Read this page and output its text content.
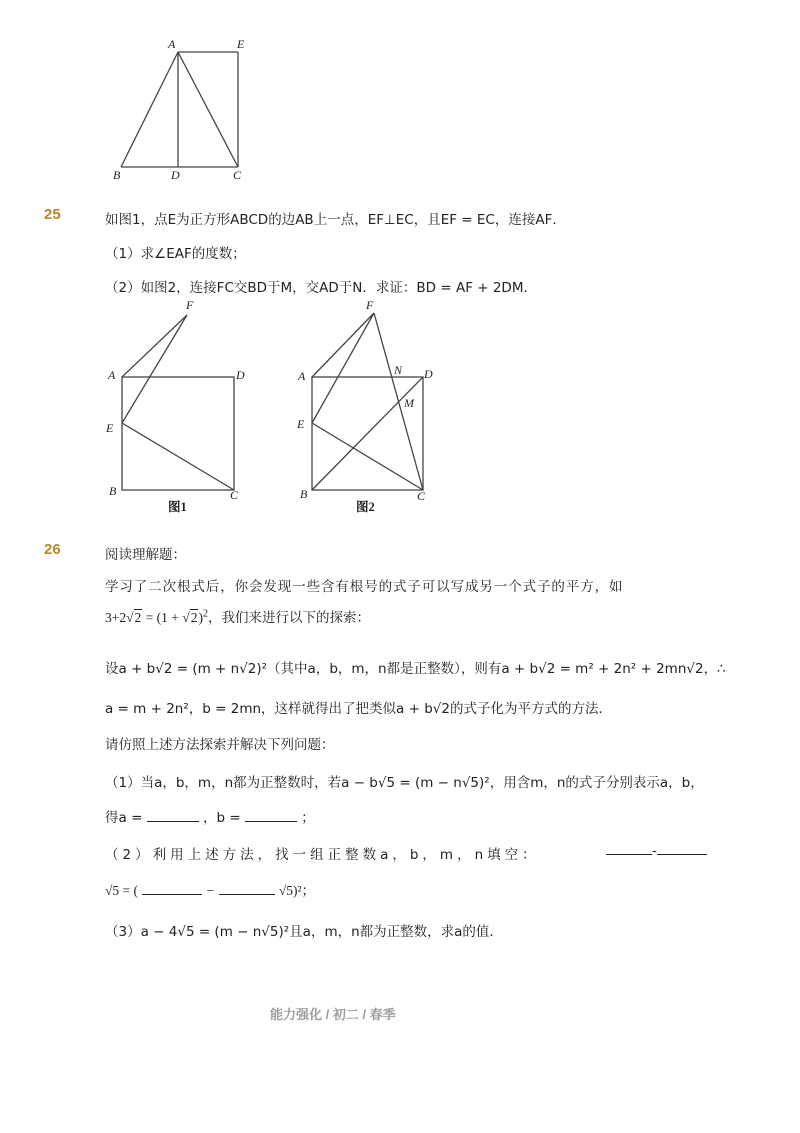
A	E
B	D	C
25	如图1，点E为正方形ABCD的边AB上一点，EF⊥EC，且EF = EC，连接AF．
（1）求∠EAF的度数；
（2）如图2，连接FC交BD于M，交AD于N．求证：BD = AF + 2DM．
F
A	D
E
B	C
图1
F
A	N D
M
E
B	C
图2
26	阅读理解题：
学习了二次根式后，你会发现一些含有根号的式子可以写成另一个式子的平方，如
$3+2√2 = (1 + √2)^2$，我们来进行以下的探索：
设a + b√2 = (m + n√2)²（其中a，b，m，n都是正整数），则有a + b√2 = m² + 2n² + 2mn√2，∴
a = m + 2n²，b = 2mn，这样就得出了把类似a + b√2的式子化为平方式的方法．
请仿照上述方法探索并解决下列问题：
（1）当a，b，m，n都为正整数时，若a − b√5 = (m − n√5)²，用含m，n的式子分别表示a，b，
得a =	，b =	；
（2）利用上述方法，找一组正整数a，b，m，n填空：	-
√5 = (	−	√5)²；
（3）a − 4√5 = (m − n√5)²且a，m，n都为正整数，求a的值．
能力强化 / 初二 / 春季
